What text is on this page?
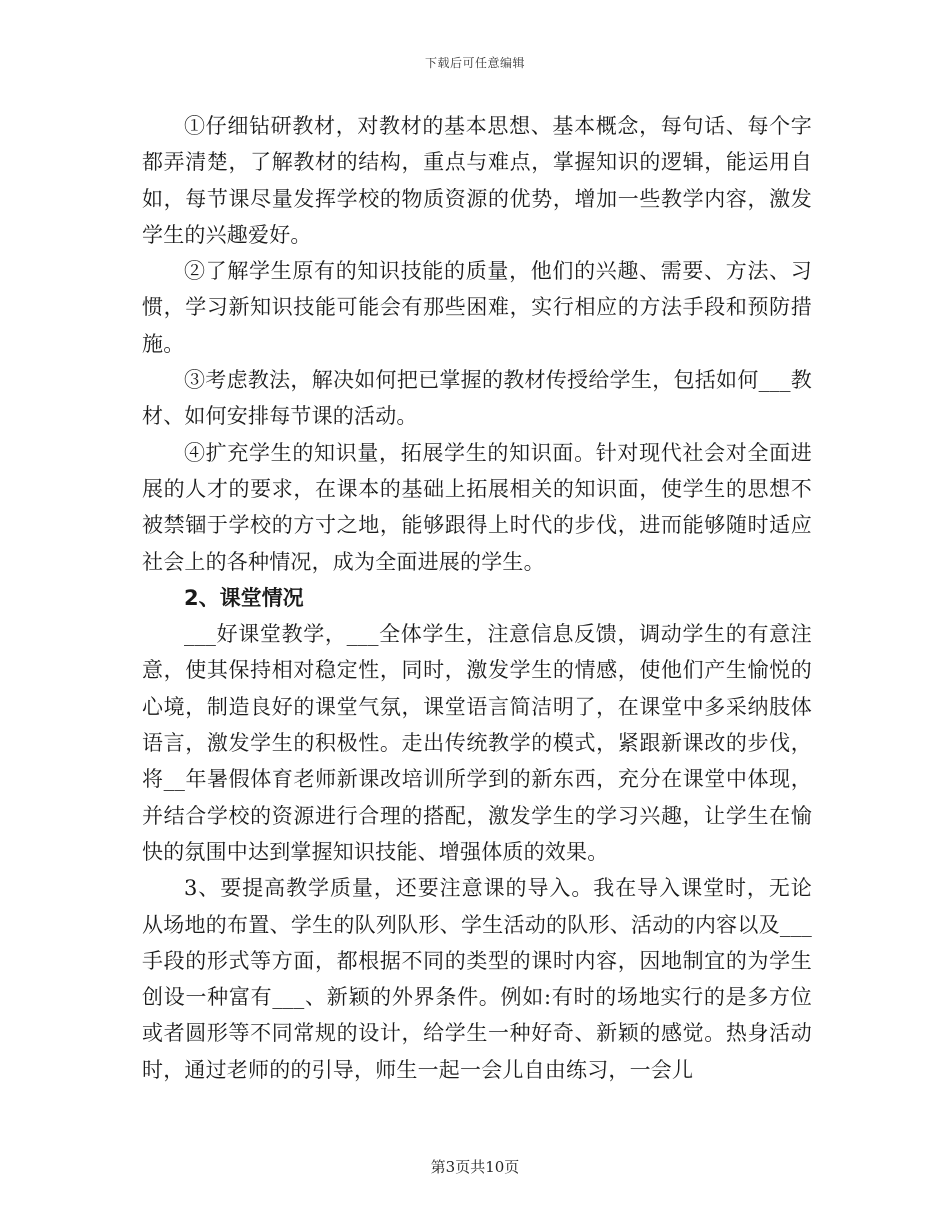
下载后可任意编辑

①仔细钻研教材，对教材的基本思想、基本概念，每句话、每个字都弄清楚，了解教材的结构，重点与难点，掌握知识的逻辑，能运用自如，每节课尽量发挥学校的物质资源的优势，增加一些教学内容，激发学生的兴趣爱好。

②了解学生原有的知识技能的质量，他们的兴趣、需要、方法、习惯，学习新知识技能可能会有那些困难，实行相应的方法手段和预防措施。

③考虑教法，解决如何把已掌握的教材传授给学生，包括如何___教材、如何安排每节课的活动。

④扩充学生的知识量，拓展学生的知识面。针对现代社会对全面进展的人才的要求，在课本的基础上拓展相关的知识面，使学生的思想不被禁锢于学校的方寸之地，能够跟得上时代的步伐，进而能够随时适应社会上的各种情况，成为全面进展的学生。

2、课堂情况

___好课堂教学，___全体学生，注意信息反馈，调动学生的有意注意，使其保持相对稳定性，同时，激发学生的情感，使他们产生愉悦的心境，制造良好的课堂气氛，课堂语言简洁明了，在课堂中多采纳肢体语言，激发学生的积极性。走出传统教学的模式，紧跟新课改的步伐，将__年暑假体育老师新课改培训所学到的新东西，充分在课堂中体现，并结合学校的资源进行合理的搭配，激发学生的学习兴趣，让学生在愉快的氛围中达到掌握知识技能、增强体质的效果。

3、要提高教学质量，还要注意课的导入。我在导入课堂时，无论从场地的布置、学生的队列队形、学生活动的队形、活动的内容以及___手段的形式等方面，都根据不同的类型的课时内容，因地制宜的为学生创设一种富有___、新颖的外界条件。例如:有时的场地实行的是多方位或者圆形等不同常规的设计，给学生一种好奇、新颖的感觉。热身活动时，通过老师的的引导，师生一起一会儿自由练习，一会儿

第3页共10页
